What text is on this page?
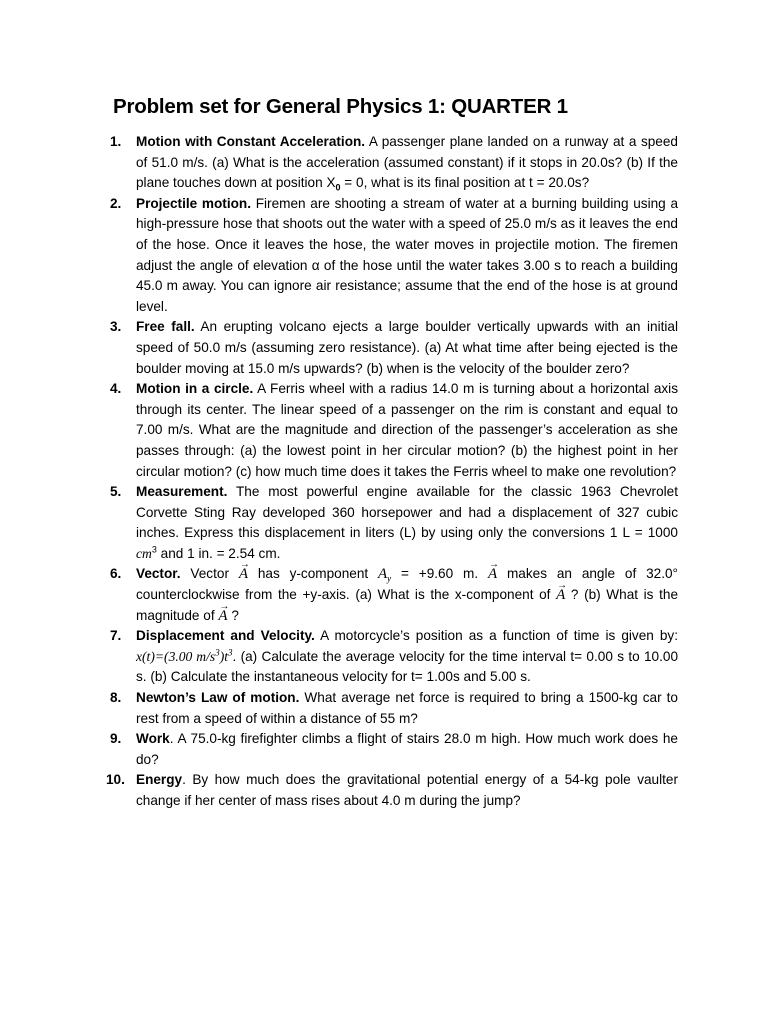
Problem set for General Physics 1: QUARTER 1
1. Motion with Constant Acceleration. A passenger plane landed on a runway at a speed of 51.0 m/s. (a) What is the acceleration (assumed constant) if it stops in 20.0s? (b) If the plane touches down at position $X_0 = 0$, what is its final position at t = 20.0s?
2. Projectile motion. Firemen are shooting a stream of water at a burning building using a high-pressure hose that shoots out the water with a speed of 25.0 m/s as it leaves the end of the hose. Once it leaves the hose, the water moves in projectile motion. The firemen adjust the angle of elevation α of the hose until the water takes 3.00 s to reach a building 45.0 m away. You can ignore air resistance; assume that the end of the hose is at ground level.
3. Free fall. An erupting volcano ejects a large boulder vertically upwards with an initial speed of 50.0 m/s (assuming zero resistance). (a) At what time after being ejected is the boulder moving at 15.0 m/s upwards? (b) when is the velocity of the boulder zero?
4. Motion in a circle. A Ferris wheel with a radius 14.0 m is turning about a horizontal axis through its center. The linear speed of a passenger on the rim is constant and equal to 7.00 m/s. What are the magnitude and direction of the passenger’s acceleration as she passes through: (a) the lowest point in her circular motion? (b) the highest point in her circular motion? (c) how much time does it takes the Ferris wheel to make one revolution?
5. Measurement. The most powerful engine available for the classic 1963 Chevrolet Corvette Sting Ray developed 360 horsepower and had a displacement of 327 cubic inches. Express this displacement in liters (L) by using only the conversions 1 L = 1000 $cm^3$ and 1 in. = 2.54 cm.
6. Vector. Vector → A has y-component $A_y = +9.60$ m. → A makes an angle of 32.0° counterclockwise from the +y-axis. (a) What is the x-component of → A ? (b) What is the magnitude of → A ?
7. Displacement and Velocity. A motorcycle’s position as a function of time is given by: x(t)=(3.00 $m/s^3)t^3$. (a) Calculate the average velocity for the time interval t= 0.00 s to 10.00 s. (b) Calculate the instantaneous velocity for t= 1.00s and 5.00 s.
8. Newton’s Law of motion. What average net force is required to bring a 1500-kg car to rest from a speed of within a distance of 55 m?
9. Work. A 75.0-kg firefighter climbs a flight of stairs 28.0 m high. How much work does he do?
10. Energy. By how much does the gravitational potential energy of a 54-kg pole vaulter change if her center of mass rises about 4.0 m during the jump?
